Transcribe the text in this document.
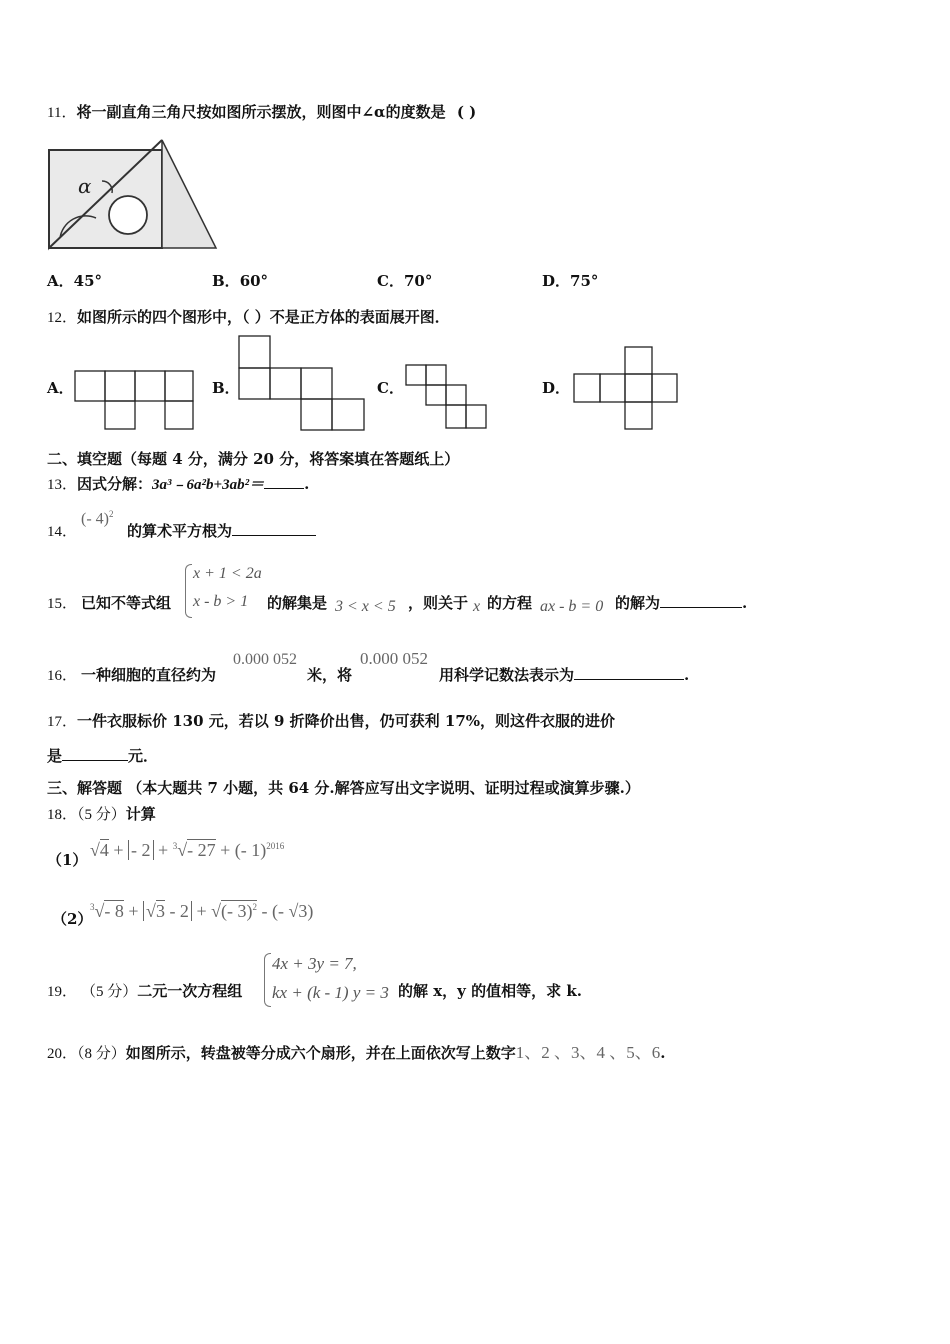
11．将一副直角三角尺按如图所示摆放，则图中∠α的度数是 ( )
α
A．45°	B．60°	C．70°	D．75°
12．如图所示的四个图形中，（ ）不是正方体的表面展开图．
A．	B．	C．	D．
二、填空题（每题 4 分，满分 20 分，将答案填在答题纸上）
13．因式分解：3a³﹣6a²b+3ab²＝	.
14．
(- 4)$^2$
的算术平方根为
15． 已知不等式组
x + 1 < 2a
x - b > 1 的解集是 3 < x < 5 ，则关于 x 的方程 ax - b = 0 的解为	.
16． 一种细胞的直径约为
0.000 052
米，将
0.000 052
用科学记数法表示为	.
17．一件衣服标价 130 元，若以 9 折降价出售，仍可获利 17%，则这件衣服的进价
是	元．
三、解答题 （本大题共 7 小题，共 64 分.解答应写出文字说明、证明过程或演算步骤.）
18．（5 分）计算
（1） √4 + - 2 + $^3$√- 27 + (- 1)$^{2016}$
（2）
$^3$√- 8 + √3 - 2 + √(- 3)$^2$ - (- √3)
19． （5 分）二元一次方程组
4x + 3y = 7,
kx + (k - 1) y = 3 的解 x，y 的值相等，求 k.
20．（8 分）如图所示，转盘被等分成六个扇形，并在上面依次写上数字1、2 、3、4 、5、6.
